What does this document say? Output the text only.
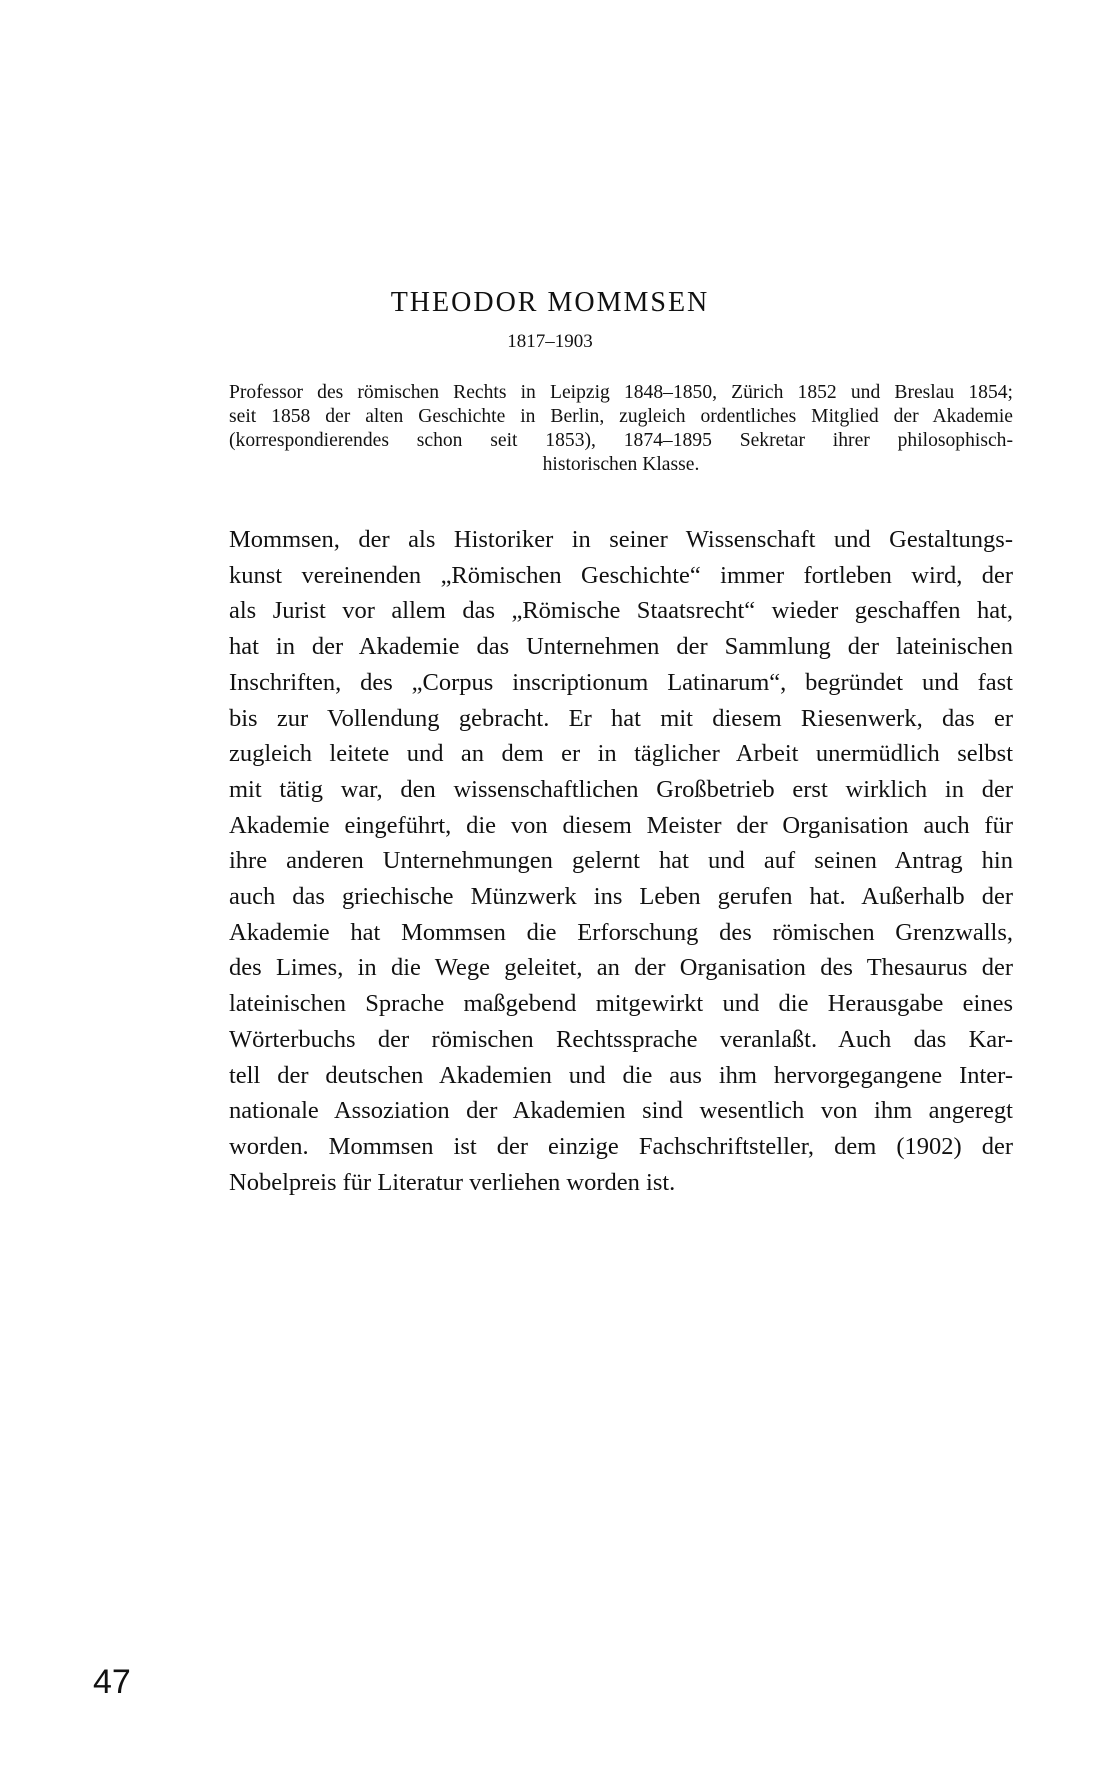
THEODOR MOMMSEN
1817–1903
Professor des römischen Rechts in Leipzig 1848–1850, Zürich 1852 und Breslau 1854;
seit 1858 der alten Geschichte in Berlin, zugleich ordentliches Mitglied der Akademie
(korrespondierendes schon seit 1853), 1874–1895 Sekretar ihrer philosophisch-
historischen Klasse.
Mommsen, der als Historiker in seiner Wissenschaft und Gestaltungs-
kunst vereinenden „Römischen Geschichte“ immer fortleben wird, der
als Jurist vor allem das „Römische Staatsrecht“ wieder geschaffen hat,
hat in der Akademie das Unternehmen der Sammlung der lateinischen
Inschriften, des „Corpus inscriptionum Latinarum“, begründet und fast
bis zur Vollendung gebracht. Er hat mit diesem Riesenwerk, das er
zugleich leitete und an dem er in täglicher Arbeit unermüdlich selbst
mit tätig war, den wissenschaftlichen Großbetrieb erst wirklich in der
Akademie eingeführt, die von diesem Meister der Organisation auch für
ihre anderen Unternehmungen gelernt hat und auf seinen Antrag hin
auch das griechische Münzwerk ins Leben gerufen hat. Außerhalb der
Akademie hat Mommsen die Erforschung des römischen Grenzwalls,
des Limes, in die Wege geleitet, an der Organisation des Thesaurus der
lateinischen Sprache maßgebend mitgewirkt und die Herausgabe eines
Wörterbuchs der römischen Rechtssprache veranlaßt. Auch das Kar-
tell der deutschen Akademien und die aus ihm hervorgegangene Inter-
nationale Assoziation der Akademien sind wesentlich von ihm angeregt
worden. Mommsen ist der einzige Fachschriftsteller, dem (1902) der
Nobelpreis für Literatur verliehen worden ist.
47
